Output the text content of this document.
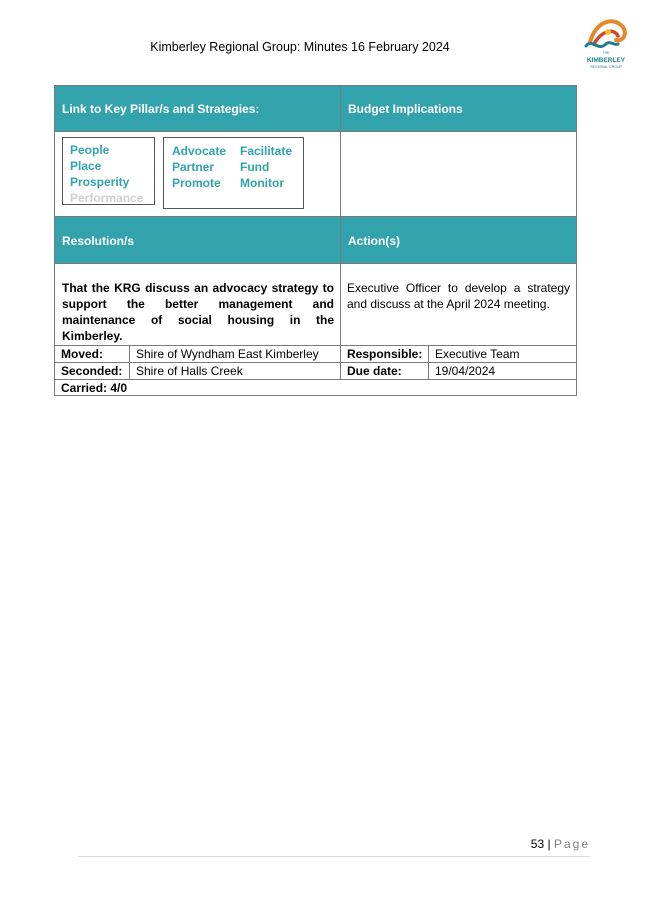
Kimberley Regional Group: Minutes 16 February 2024	THE
KIMBERLEY
REGIONAL GROUP
Link to Key Pillar/s and Strategies:	Budget Implications
People
Place
Prosperity
Performance
Advocate	Facilitate
Partner	Fund
Promote	Monitor
Resolution/s	Action(s)
That the KRG discuss an advocacy strategy to support the better management and maintenance of social housing in the Kimberley.
Executive Officer to develop a strategy and discuss at the April 2024 meeting.
Moved:	Shire of Wyndham East Kimberley	Responsible:	Executive Team
Seconded:	Shire of Halls Creek	Due date:	19/04/2024
Carried: 4/0
53 | Page
